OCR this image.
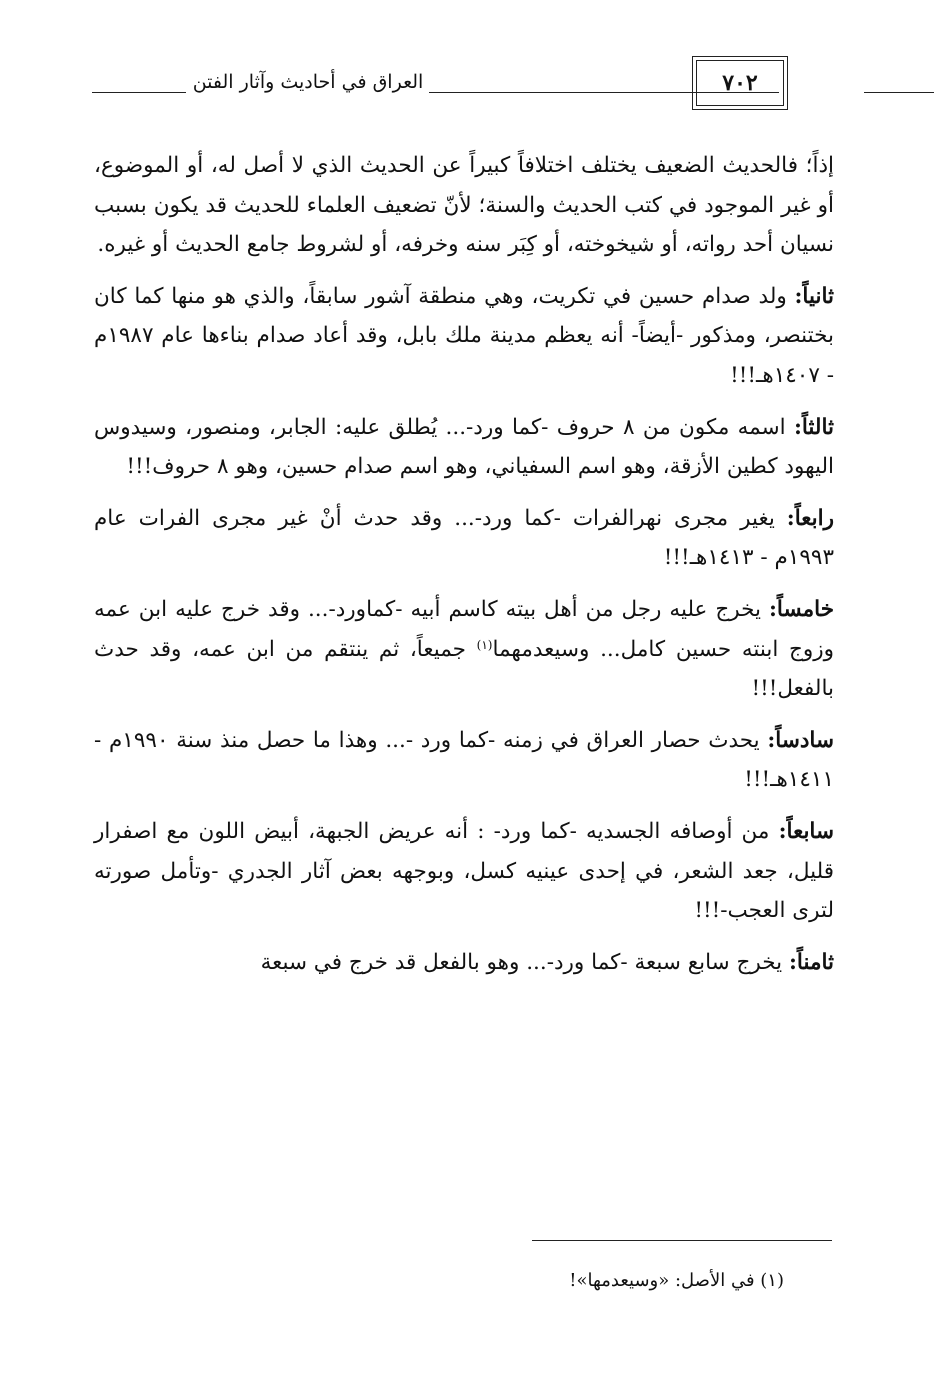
العراق في أحاديث وآثار الفتن	٧٠٢

إذاً؛ فالحديث الضعيف يختلف اختلافاً كبيراً عن الحديث الذي لا أصل له، أو الموضوع، أو غير الموجود في كتب الحديث والسنة؛ لأنّ تضعيف العلماء للحديث قد يكون بسبب نسيان أحد رواته، أو شيخوخته، أو كِبَر سنه وخرفه، أو لشروط جامع الحديث أو غيره.

ثانياً: ولد صدام حسين في تكريت، وهي منطقة آشور سابقاً، والذي هو منها كما كان بختنصر، ومذكور -أيضاً- أنه يعظم مدينة ملك بابل، وقد أعاد صدام بناءها عام ١٩٨٧م - ١٤٠٧هـ!!!

ثالثاً: اسمه مكون من ٨ حروف -كما ورد-... يُطلق عليه: الجابر، ومنصور، وسيدوس اليهود كطين الأزقة، وهو اسم السفياني، وهو اسم صدام حسين، وهو ٨ حروف!!!

رابعاً: يغير مجرى نهرالفرات -كما ورد-... وقد حدث أنْ غير مجرى الفرات عام ١٩٩٣م - ١٤١٣هـ!!!

خامساً: يخرج عليه رجل من أهل بيته كاسم أبيه -كماورد-... وقد خرج عليه ابن عمه وزوج ابنته حسين كامل... وسيعدمهما$^{(١)}$ جميعاً، ثم ينتقم من ابن عمه، وقد حدث بالفعل!!!

سادساً: يحدث حصار العراق في زمنه -كما ورد -... وهذا ما حصل منذ سنة ١٩٩٠م - ١٤١١هـ!!!

سابعاً: من أوصافه الجسديه -كما ورد- : أنه عريض الجبهة، أبيض اللون مع اصفرار قليل، جعد الشعر، في إحدى عينيه كسل، وبوجهه بعض آثار الجدري -وتأمل صورته لترى العجب-!!!

ثامناً: يخرج سابع سبعة -كما ورد-... وهو بالفعل قد خرج في سبعة

(١) في الأصل: «وسيعدمها»!
